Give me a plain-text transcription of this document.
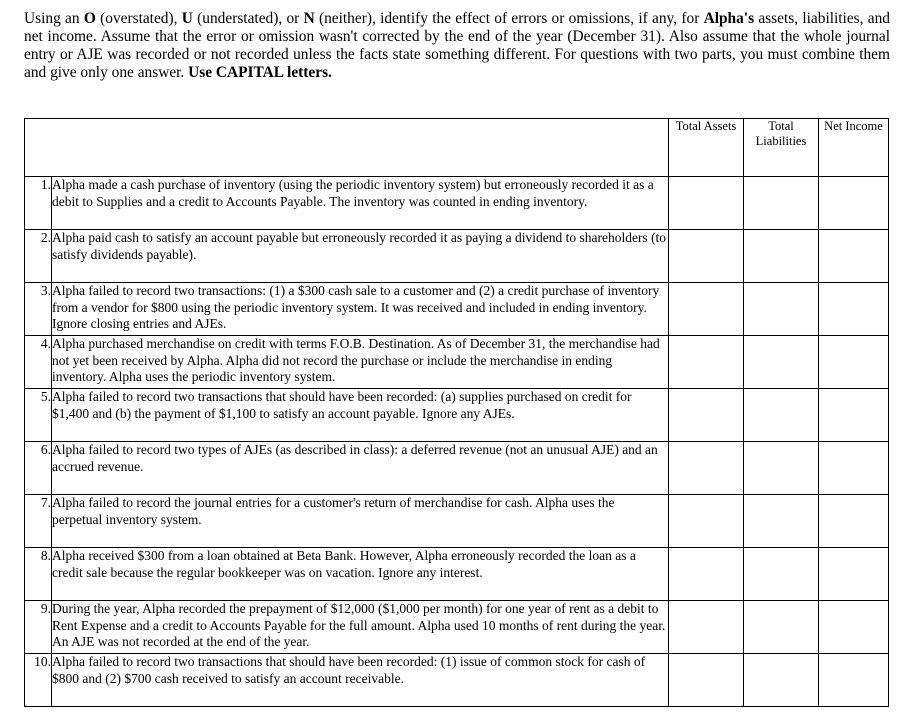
Using an O (overstated), U (understated), or N (neither), identify the effect of errors or omissions, if any, for Alpha's assets, liabilities, and net income. Assume that the error or omission wasn't corrected by the end of the year (December 31). Also assume that the whole journal entry or AJE was recorded or not recorded unless the facts state something different. For questions with two parts, you must combine them and give only one answer. Use CAPITAL letters.

		Total Assets	Total Liabilities	Net Income
1.	Alpha made a cash purchase of inventory (using the periodic inventory system) but erroneously recorded it as a debit to Supplies and a credit to Accounts Payable. The inventory was counted in ending inventory.			
2.	Alpha paid cash to satisfy an account payable but erroneously recorded it as paying a dividend to shareholders (to satisfy dividends payable).			
3.	Alpha failed to record two transactions: (1) a $300 cash sale to a customer and (2) a credit purchase of inventory from a vendor for $800 using the periodic inventory system. It was received and included in ending inventory. Ignore closing entries and AJEs.			
4.	Alpha purchased merchandise on credit with terms F.O.B. Destination. As of December 31, the merchandise had not yet been received by Alpha. Alpha did not record the purchase or include the merchandise in ending inventory. Alpha uses the periodic inventory system.			
5.	Alpha failed to record two transactions that should have been recorded: (a) supplies purchased on credit for $1,400 and (b) the payment of $1,100 to satisfy an account payable. Ignore any AJEs.			
6.	Alpha failed to record two types of AJEs (as described in class): a deferred revenue (not an unusual AJE) and an accrued revenue.			
7.	Alpha failed to record the journal entries for a customer's return of merchandise for cash. Alpha uses the perpetual inventory system.			
8.	Alpha received $300 from a loan obtained at Beta Bank. However, Alpha erroneously recorded the loan as a credit sale because the regular bookkeeper was on vacation. Ignore any interest.			
9.	During the year, Alpha recorded the prepayment of $12,000 ($1,000 per month) for one year of rent as a debit to Rent Expense and a credit to Accounts Payable for the full amount. Alpha used 10 months of rent during the year. An AJE was not recorded at the end of the year.			
10.	Alpha failed to record two transactions that should have been recorded: (1) issue of common stock for cash of $800 and (2) $700 cash received to satisfy an account receivable.			
